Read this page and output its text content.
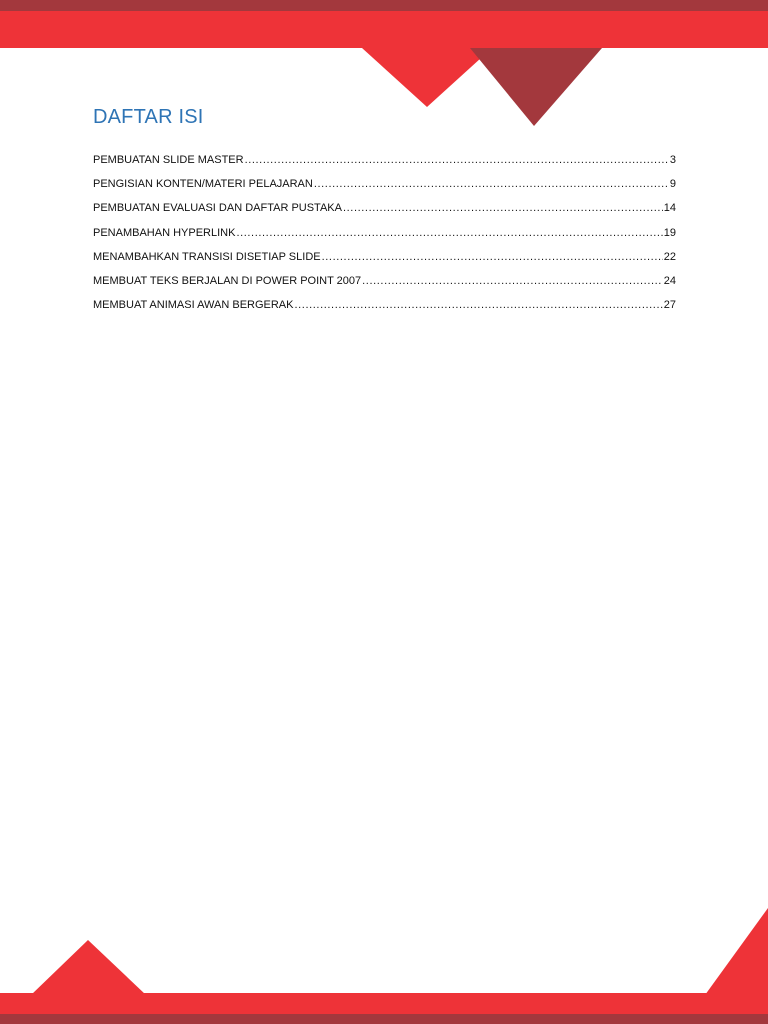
DAFTAR ISI
PEMBUATAN SLIDE MASTER .....	3
PENGISIAN KONTEN/MATERI PELAJARAN .....	9
PEMBUATAN EVALUASI DAN DAFTAR PUSTAKA .....	14
PENAMBAHAN HYPERLINK .....	19
MENAMBAHKAN TRANSISI DISETIAP SLIDE .....	22
MEMBUAT TEKS BERJALAN DI POWER POINT 2007 .....	24
MEMBUAT ANIMASI AWAN BERGERAK .....	27
